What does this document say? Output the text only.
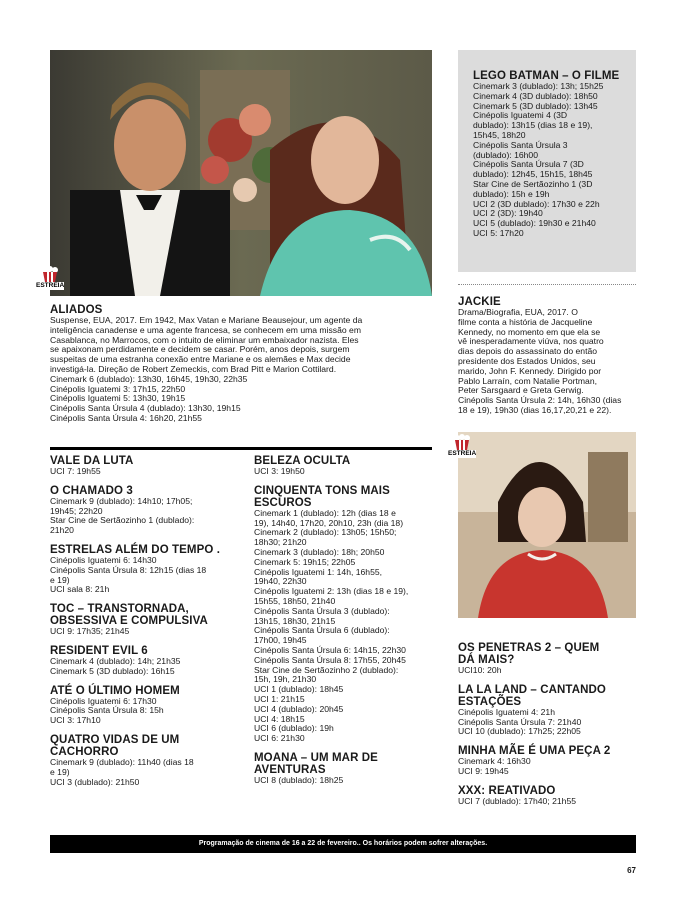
ESTREIA
LEGO BATMAN – O FILME
Cinemark 3 (dublado): 13h; 15h25
Cinemark 4 (3D dublado): 18h50
Cinemark 5 (3D dublado): 13h45
Cinépolis Iguatemi 4 (3D
dublado): 13h15 (dias 18 e 19),
15h45, 18h20
Cinépolis Santa Úrsula 3
(dublado): 16h00
Cinépolis Santa Úrsula 7 (3D
dublado): 12h45, 15h15, 18h45
Star Cine de Sertãozinho 1 (3D
dublado): 15h e 19h
UCI 2 (3D dublado): 17h30 e 22h
UCI 2 (3D): 19h40
UCI 5 (dublado): 19h30 e 21h40
UCI 5: 17h20
ALIADOS
Suspense, EUA, 2017. Em 1942, Max Vatan e Mariane Beausejour, um agente da
inteligência canadense e uma agente francesa, se conhecem em uma missão em
Casablanca, no Marrocos, com o intuito de eliminar um embaixador nazista. Eles
se apaixonam perdidamente e decidem se casar. Porém, anos depois, surgem
suspeitas de uma estranha conexão entre Mariane e os alemães e Max decide
investigá-la. Direção de Robert Zemeckis, com Brad Pitt e Marion Cottilard.
Cinemark 6 (dublado): 13h30, 16h45, 19h30, 22h35
Cinépolis Iguatemi 3: 17h15, 22h50
Cinépolis Iguatemi 5: 13h30, 19h15
Cinépolis Santa Úrsula 4 (dublado): 13h30, 19h15
Cinépolis Santa Úrsula 4: 16h20, 21h55
JACKIE
Drama/Biografia, EUA, 2017. O
filme conta a história de Jacqueline
Kennedy, no momento em que ela se
vê inesperadamente viúva, nos quatro
dias depois do assassinato do então
presidente dos Estados Unidos, seu
marido, John F. Kennedy. Dirigido por
Pablo Larraín, com Natalie Portman,
Peter Sarsgaard e Greta Gerwig.
Cinépolis Santa Úrsula 2: 14h, 16h30 (dias
18 e 19), 19h30 (dias 16,17,20,21 e 22).
ESTREIA
VALE DA LUTA
UCI 7: 19h55
O CHAMADO 3
Cinemark 9 (dublado): 14h10; 17h05;
19h45; 22h20
Star Cine de Sertãozinho 1 (dublado):
21h20
ESTRELAS ALÉM DO TEMPO .
Cinépolis Iguatemi 6: 14h30
Cinépolis Santa Úrsula 8: 12h15 (dias 18
e 19)
UCI sala 8: 21h
TOC – TRANSTORNADA,
OBSESSIVA E COMPULSIVA
UCI 9: 17h35; 21h45
RESIDENT EVIL 6
Cinemark 4 (dublado): 14h; 21h35
Cinemark 5 (3D dublado): 16h15
ATÉ O ÚLTIMO HOMEM
Cinépolis Iguatemi 6: 17h30
Cinépolis Santa Úrsula 8: 15h
UCI 3: 17h10
QUATRO VIDAS DE UM
CACHORRO
Cinemark 9 (dublado): 11h40 (dias 18
e 19)
UCI 3 (dublado): 21h50
BELEZA OCULTA
UCI 3: 19h50
CINQUENTA TONS MAIS
ESCUROS
Cinemark 1 (dublado): 12h (dias 18 e
19), 14h40, 17h20, 20h10, 23h (dia 18)
Cinemark 2 (dublado): 13h05; 15h50;
18h30; 21h20
Cinemark 3 (dublado): 18h; 20h50
Cinemark 5: 19h15; 22h05
Cinépolis Iguatemi 1: 14h, 16h55,
19h40, 22h30
Cinépolis Iguatemi 2: 13h (dias 18 e 19),
15h55, 18h50, 21h40
Cinépolis Santa Úrsula 3 (dublado):
13h15, 18h30, 21h15
Cinépolis Santa Úrsula 6 (dublado):
17h00, 19h45
Cinépolis Santa Úrsula 6: 14h15, 22h30
Cinépolis Santa Úrsula 8: 17h55, 20h45
Star Cine de Sertãozinho 2 (dublado):
15h, 19h, 21h30
UCI 1 (dublado): 18h45
UCI 1: 21h15
UCI 4 (dublado): 20h45
UCI 4: 18h15
UCI 6 (dublado): 19h
UCI 6: 21h30
MOANA – UM MAR DE
AVENTURAS
UCI 8 (dublado): 18h25
OS PENETRAS 2 – QUEM
DÁ MAIS?
UCI10: 20h
LA LA LAND – CANTANDO
ESTAÇÕES
Cinépolis Iguatemi 4: 21h
Cinépolis Santa Úrsula 7: 21h40
UCI 10 (dublado): 17h25; 22h05
MINHA MÃE É UMA PEÇA 2
Cinemark 4: 16h30
UCI 9: 19h45
XXX: REATIVADO
UCI 7 (dublado): 17h40; 21h55
Programação de cinema de 16 a 22 de fevereiro.. Os horários podem sofrer alterações.
67
